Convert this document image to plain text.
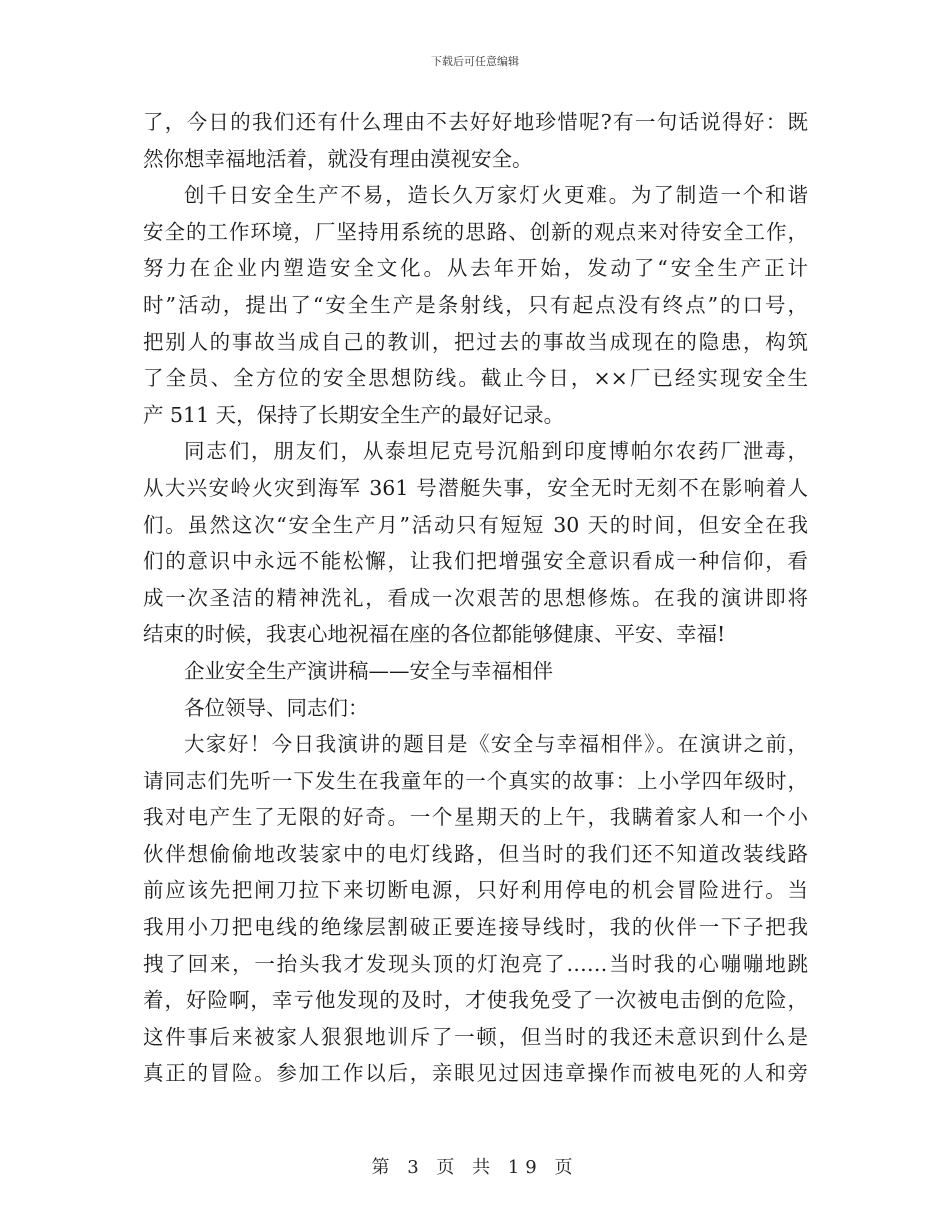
下载后可任意编辑
了，今日的我们还有什么理由不去好好地珍惜呢?有一句话说得好：既
然你想幸福地活着，就没有理由漠视安全。
创千日安全生产不易，造长久万家灯火更难。为了制造一个和谐
安全的工作环境，厂坚持用系统的思路、创新的观点来对待安全工作，
努力在企业内塑造安全文化。从去年开始，发动了“安全生产正计
时”活动，提出了“安全生产是条射线，只有起点没有终点”的口号，
把别人的事故当成自己的教训，把过去的事故当成现在的隐患，构筑
了全员、全方位的安全思想防线。截止今日，××厂已经实现安全生
产 511 天，保持了长期安全生产的最好记录。
同志们，朋友们，从泰坦尼克号沉船到印度博帕尔农药厂泄毒，
从大兴安岭火灾到海军 361 号潜艇失事，安全无时无刻不在影响着人
们。虽然这次“安全生产月”活动只有短短 30 天的时间，但安全在我
们的意识中永远不能松懈，让我们把增强安全意识看成一种信仰，看
成一次圣洁的精神洗礼，看成一次艰苦的思想修炼。在我的演讲即将
结束的时候，我衷心地祝福在座的各位都能够健康、平安、幸福!
企业安全生产演讲稿——安全与幸福相伴
各位领导、同志们：
大家好！今日我演讲的题目是《安全与幸福相伴》。在演讲之前，
请同志们先听一下发生在我童年的一个真实的故事：上小学四年级时，
我对电产生了无限的好奇。一个星期天的上午，我瞒着家人和一个小
伙伴想偷偷地改装家中的电灯线路，但当时的我们还不知道改装线路
前应该先把闸刀拉下来切断电源，只好利用停电的机会冒险进行。当
我用小刀把电线的绝缘层割破正要连接导线时，我的伙伴一下子把我
拽了回来，一抬头我才发现头顶的灯泡亮了……当时我的心嘣嘣地跳
着，好险啊，幸亏他发现的及时，才使我免受了一次被电击倒的危险，
这件事后来被家人狠狠地训斥了一顿，但当时的我还未意识到什么是
真正的冒险。参加工作以后，亲眼见过因违章操作而被电死的人和旁
第 3 页 共 19 页
